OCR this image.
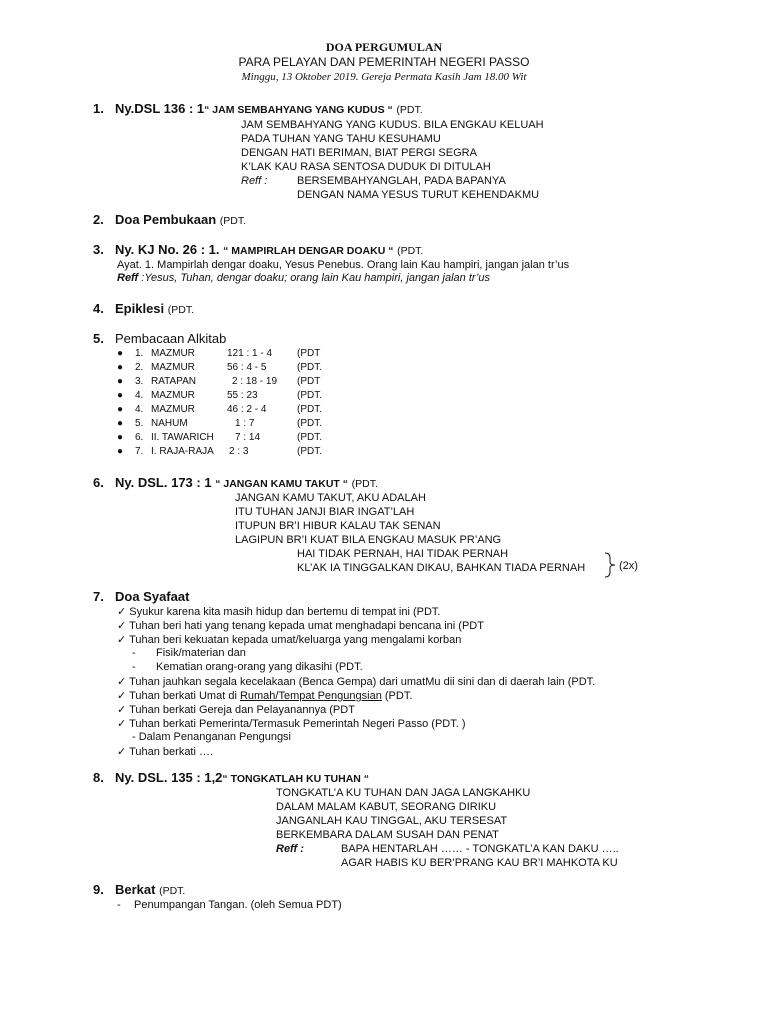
DOA PERGUMULAN
PARA PELAYAN DAN PEMERINTAH NEGERI PASSO
Minggu, 13 Oktober 2019. Gereja Permata Kasih Jam 18.00 Wit
1. Ny.DSL 136 : 1“ JAM SEMBAHYANG YANG KUDUS “ (PDT.
JAM SEMBAHYANG YANG KUDUS. BILA ENGKAU KELUAH
PADA TUHAN YANG TAHU KESUHAMU
DENGAN HATI BERIMAN, BIAT PERGI SEGRA
K’LAK KAU RASA SENTOSA DUDUK DI DITULAH
Reff :	BERSEMBAHYANGLAH, PADA BAPANYA
DENGAN NAMA YESUS TURUT KEHENDAKMU
2. Doa Pembukaan (PDT.
3. Ny. KJ No. 26 : 1. “ MAMPIRLAH DENGAR DOAKU “ (PDT.
Ayat. 1. Mampirlah dengar doaku, Yesus Penebus. Orang lain Kau hampiri, jangan jalan tr’us
Reff :Yesus, Tuhan, dengar doaku; orang lain Kau hampiri, jangan jalan tr’us
4. Epiklesi (PDT.
5. Pembacaan Alkitab
● 1. MAZMUR	121 : 1 - 4 (PDT
● 2. MAZMUR	56 : 4 - 5	(PDT.
● 3. RATAPAN	2 : 18 - 19 (PDT
● 4. MAZMUR	55 : 23	(PDT.
● 4. MAZMUR	46 : 2 - 4	(PDT.
● 5. NAHUM	1 : 7	(PDT.
● 6. II. TAWARICH 7 : 14	(PDT.
● 7. I. RAJA-RAJA 2 : 3	(PDT.
6. Ny. DSL. 173 : 1 “ JANGAN KAMU TAKUT “ (PDT.
JANGAN KAMU TAKUT, AKU ADALAH
ITU TUHAN JANJI BIAR INGAT’LAH
ITUPUN BR’I HIBUR KALAU TAK SENAN
LAGIPUN BR’I KUAT BILA ENGKAU MASUK PR’ANG
HAI TIDAK PERNAH, HAI TIDAK PERNAH
KL’AK IA TINGGALKAN DIKAU, BAHKAN TIADA PERNAH	(2x)
7. Doa Syafaat
✓ Syukur karena kita masih hidup dan bertemu di tempat ini (PDT.
✓ Tuhan beri hati yang tenang kepada umat menghadapi bencana ini (PDT
✓ Tuhan beri kekuatan kepada umat/keluarga yang mengalami korban
- Fisik/materian dan
- Kematian orang-orang yang dikasihi (PDT.
✓ Tuhan jauhkan segala kecelakaan (Benca Gempa) dari umatMu dii sini dan di daerah lain (PDT.
✓ Tuhan berkati Umat di Rumah/Tempat Pengungsian (PDT.
✓ Tuhan berkati Gereja dan Pelayanannya (PDT
✓ Tuhan berkati Pemerinta/Termasuk Pemerintah Negeri Passo (PDT. )
- Dalam Penanganan Pengungsi
✓ Tuhan berkati ….
8. Ny. DSL. 135 : 1,2“ TONGKATLAH KU TUHAN “
TONGKATL’A KU TUHAN DAN JAGA LANGKAHKU
DALAM MALAM KABUT, SEORANG DIRIKU
JANGANLAH KAU TINGGAL, AKU TERSESAT
BERKEMBARA DALAM SUSAH DAN PENAT
Reff :	BAPA HENTARLAH …… - TONGKATL’A KAN DAKU …..
AGAR HABIS KU BER’PRANG KAU BR’I MAHKOTA KU
9. Berkat (PDT.
- Penumpangan Tangan. (oleh Semua PDT)
